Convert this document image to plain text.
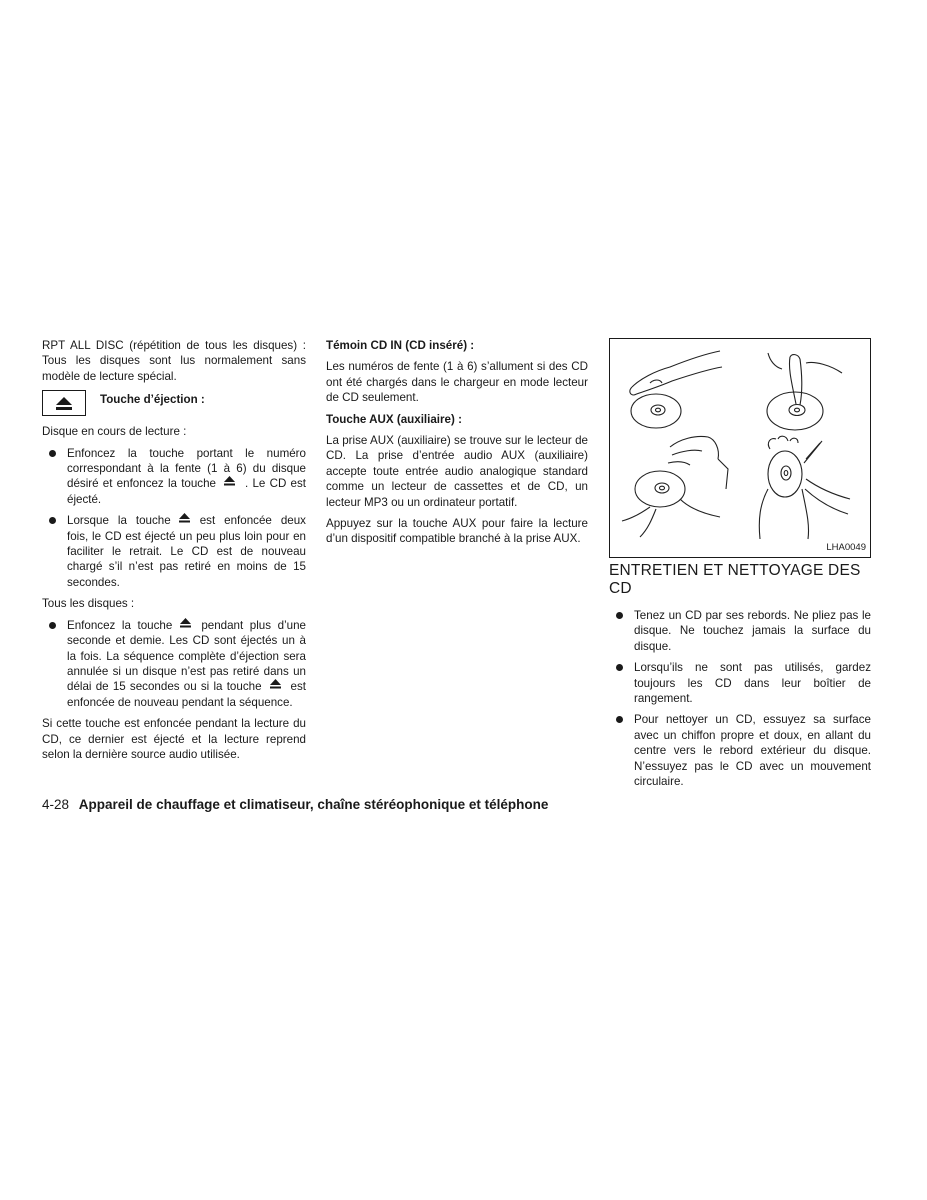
RPT ALL DISC (répétition de tous les disques) : Tous les disques sont lus normalement sans modèle de lecture spécial.

Touche d’éjection :

Disque en cours de lecture :

Enfoncez la touche portant le numéro correspondant à la fente (1 à 6) du disque désiré et enfoncez la touche	. Le CD est éjecté.
Lorsque la touche	est enfoncée deux fois, le CD est éjecté un peu plus loin pour en faciliter le retrait. Le CD est de nouveau chargé s’il n’est pas retiré en moins de 15 secondes.

Tous les disques :

Enfoncez la touche	pendant plus d’une seconde et demie. Les CD sont éjectés un à la fois. La séquence complète d’éjection sera annulée si un disque n’est pas retiré dans un délai de 15 secondes ou si la touche	est enfoncée de nouveau pendant la séquence.

Si cette touche est enfoncée pendant la lecture du CD, ce dernier est éjecté et la lecture reprend selon la dernière source audio utilisée.

Témoin CD IN (CD inséré) :

Les numéros de fente (1 à 6) s’allument si des CD ont été chargés dans le chargeur en mode lecteur de CD seulement.

Touche AUX (auxiliaire) :

La prise AUX (auxiliaire) se trouve sur le lecteur de CD. La prise d’entrée audio AUX (auxiliaire) accepte toute entrée audio analogique standard comme un lecteur de cassettes et de CD, un lecteur MP3 ou un ordinateur portatif.

Appuyez sur la touche AUX pour faire la lecture d’un dispositif compatible branché à la prise AUX.

LHA0049
ENTRETIEN ET NETTOYAGE DES CD
Tenez un CD par ses rebords. Ne pliez pas le disque. Ne touchez jamais la surface du disque.
Lorsqu’ils ne sont pas utilisés, gardez toujours les CD dans leur boîtier de rangement.
Pour nettoyer un CD, essuyez sa surface avec un chiffon propre et doux, en allant du centre vers le rebord extérieur du disque. N’essuyez pas le CD avec un mouvement circulaire.
4-28 Appareil de chauffage et climatiseur, chaîne stéréophonique et téléphone
